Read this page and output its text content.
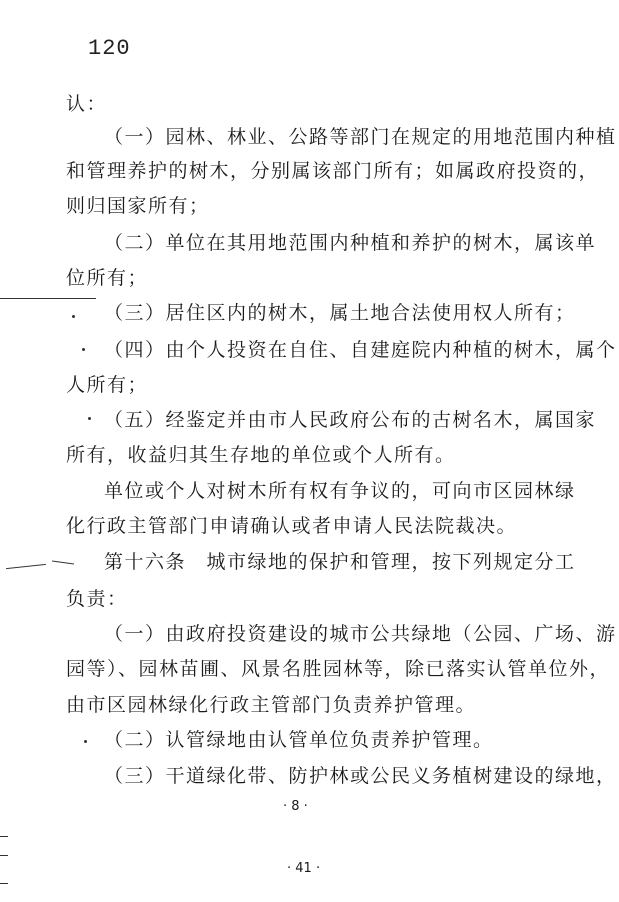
120
认：
（一）园林、林业、公路等部门在规定的用地范围内种植
和管理养护的树木，分别属该部门所有；如属政府投资的，
则归国家所有；
（二）单位在其用地范围内种植和养护的树木，属该单
位所有；
（三）居住区内的树木，属土地合法使用权人所有；
（四）由个人投资在自住、自建庭院内种植的树木，属个
人所有；
（五）经鉴定并由市人民政府公布的古树名木，属国家
所有，收益归其生存地的单位或个人所有。
单位或个人对树木所有权有争议的，可向市区园林绿
化行政主管部门申请确认或者申请人民法院裁决。
第十六条　城市绿地的保护和管理，按下列规定分工
负责：
（一）由政府投资建设的城市公共绿地（公园、广场、游
园等）、园林苗圃、风景名胜园林等，除已落实认管单位外，
由市区园林绿化行政主管部门负责养护管理。
（二）认管绿地由认管单位负责养护管理。
（三）干道绿化带、防护林或公民义务植树建设的绿地，
· 8 ·
· 41 ·
